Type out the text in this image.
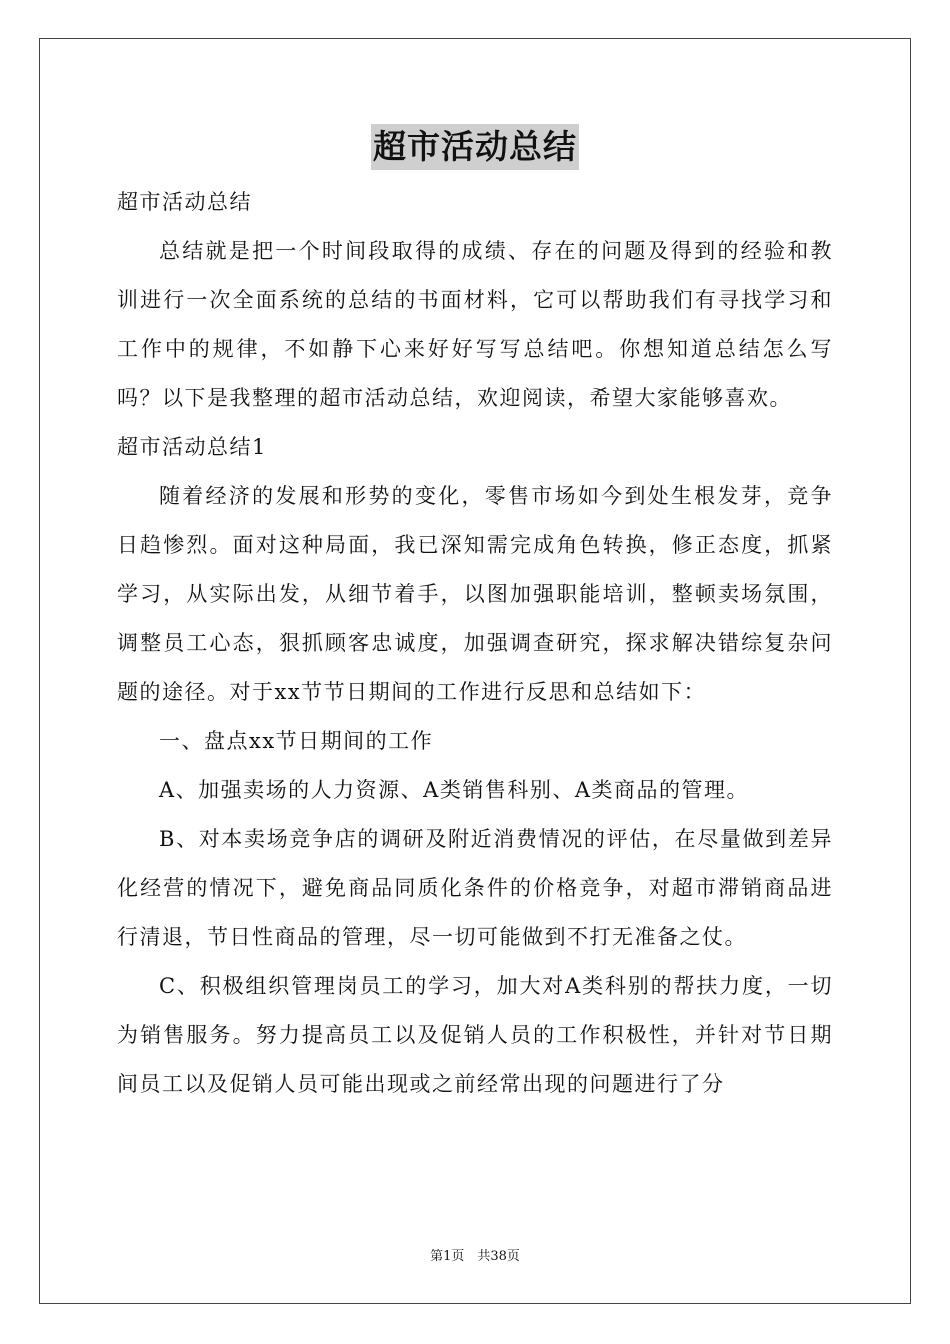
超市活动总结

超市活动总结

总结就是把一个时间段取得的成绩、存在的问题及得到的经验和教训进行一次全面系统的总结的书面材料，它可以帮助我们有寻找学习和工作中的规律，不如静下心来好好写写总结吧。你想知道总结怎么写吗？以下是我整理的超市活动总结，欢迎阅读，希望大家能够喜欢。

超市活动总结1

随着经济的发展和形势的变化，零售市场如今到处生根发芽，竞争日趋惨烈。面对这种局面，我已深知需完成角色转换，修正态度，抓紧学习，从实际出发，从细节着手，以图加强职能培训，整顿卖场氛围，调整员工心态，狠抓顾客忠诚度，加强调查研究，探求解决错综复杂问题的途径。对于xx节节日期间的工作进行反思和总结如下：

一、盘点xx节日期间的工作

A、加强卖场的人力资源、A类销售科别、A类商品的管理。

B、对本卖场竞争店的调研及附近消费情况的评估，在尽量做到差异化经营的情况下，避免商品同质化条件的价格竞争，对超市滞销商品进行清退，节日性商品的管理，尽一切可能做到不打无准备之仗。

C、积极组织管理岗员工的学习，加大对A类科别的帮扶力度，一切为销售服务。努力提高员工以及促销人员的工作积极性，并针对节日期间员工以及促销人员可能出现或之前经常出现的问题进行了分

第1页　共38页
